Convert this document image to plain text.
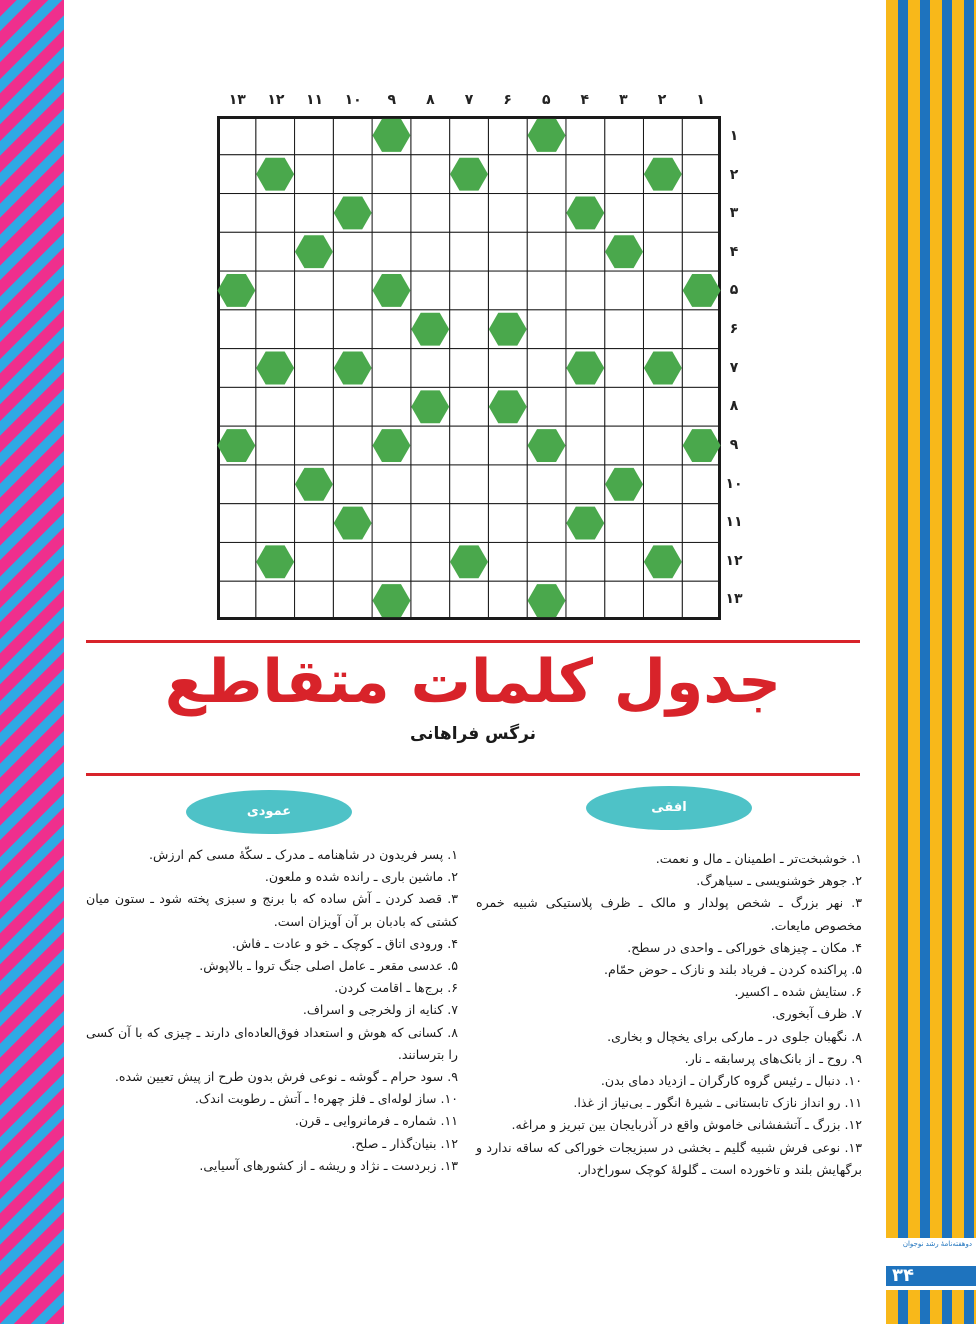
دوهفته‌نامهٔ رشد نوجوان
۳۴
۱
۲
۳
۴
۵
۶
۷
۸
۹
۱۰
۱۱
۱۲
۱۳
۱
۲
۳
۴
۵
۶
۷
۸
۹
۱۰
۱۱
۱۲
۱۳
جدول کلمات متقاطع
نرگس فراهانی
افقی
عمودی
۱. خوشبخت‌تر ـ اطمینان ـ مال و نعمت.
۲. جوهر خوشنویسی ـ سیاهرگ.
۳. نهر بزرگ ـ شخص پولدار و مالک ـ ظرف پلاستیکی شبیه خمره مخصوص مایعات.
۴. مکان ـ چیزهای خوراکی ـ واحدی در سطح.
۵. پراکنده کردن ـ فریاد بلند و نازک ـ حوض حمّام.
۶. ستایش شده ـ اکسیر.
۷. ظرف آبخوری.
۸. نگهبان جلوی در ـ مارکی برای یخچال و بخاری.
۹. روح ـ از بانک‌های پرسابقه ـ نار.
۱۰. دنبال ـ رئیس گروه کارگران ـ ازدیاد دمای بدن.
۱۱. رو انداز نازک تابستانی ـ شیرهٔ انگور ـ بی‌نیاز از غذا.
۱۲. بزرگ ـ آتشفشانی خاموش واقع در آذربایجان بین تبریز و مراغه.
۱۳. نوعی فرش شبیه گلیم ـ بخشی در سبزیجات خوراکی که ساقه ندارد و برگهایش بلند و تاخورده است ـ گلولهٔ کوچک سوراخ‌دار.
۱. پسر فریدون در شاهنامه ـ مدرک ـ سکّهٔ مسی کم ارزش.
۲. ماشین باری ـ رانده شده و ملعون.
۳. قصد کردن ـ آش ساده که با برنج و سبزی پخته شود ـ ستون میان کشتی که بادبان بر آن آویزان است.
۴. ورودی اتاق ـ کوچک ـ خو و عادت ـ فاش.
۵. عدسی مقعر ـ عامل اصلی جنگ تروا ـ بالاپوش.
۶. برج‌ها ـ اقامت کردن.
۷. کنایه از ولخرجی و اسراف.
۸. کسانی که هوش و استعداد فوق‌العاده‌ای دارند ـ چیزی که با آن کسی را بترسانند.
۹. سود حرام ـ گوشه ـ نوعی فرش بدون طرح از پیش تعیین شده.
۱۰. ساز لوله‌ای ـ فلز چهره! ـ آتش ـ رطوبت اندک.
۱۱. شماره ـ فرمانروایی ـ قرن.
۱۲. بنیان‌گذار ـ صلح.
۱۳. زبردست ـ نژاد و ریشه ـ از کشورهای آسیایی.
